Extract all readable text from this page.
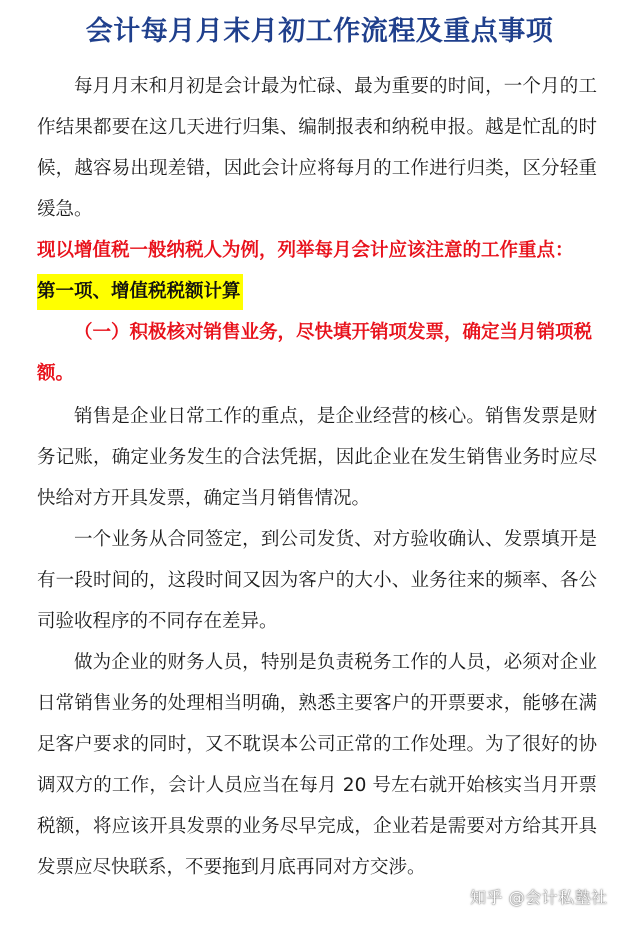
会计每月月末月初工作流程及重点事项

每月月末和月初是会计最为忙碌、最为重要的时间，一个月的工作结果都要在这几天进行归集、编制报表和纳税申报。越是忙乱的时候，越容易出现差错，因此会计应将每月的工作进行归类，区分轻重缓急。

现以增值税一般纳税人为例，列举每月会计应该注意的工作重点：

第一项、增值税税额计算

（一）积极核对销售业务，尽快填开销项发票，确定当月销项税额。

销售是企业日常工作的重点，是企业经营的核心。销售发票是财务记账，确定业务发生的合法凭据，因此企业在发生销售业务时应尽快给对方开具发票，确定当月销售情况。

一个业务从合同签定，到公司发货、对方验收确认、发票填开是有一段时间的，这段时间又因为客户的大小、业务往来的频率、各公司验收程序的不同存在差异。

做为企业的财务人员，特别是负责税务工作的人员，必须对企业日常销售业务的处理相当明确，熟悉主要客户的开票要求，能够在满足客户要求的同时，又不耽误本公司正常的工作处理。为了很好的协调双方的工作，会计人员应当在每月 20 号左右就开始核实当月开票税额，将应该开具发票的业务尽早完成，企业若是需要对方给其开具发票应尽快联系，不要拖到月底再同对方交涉。

知乎 @会计私塾社
